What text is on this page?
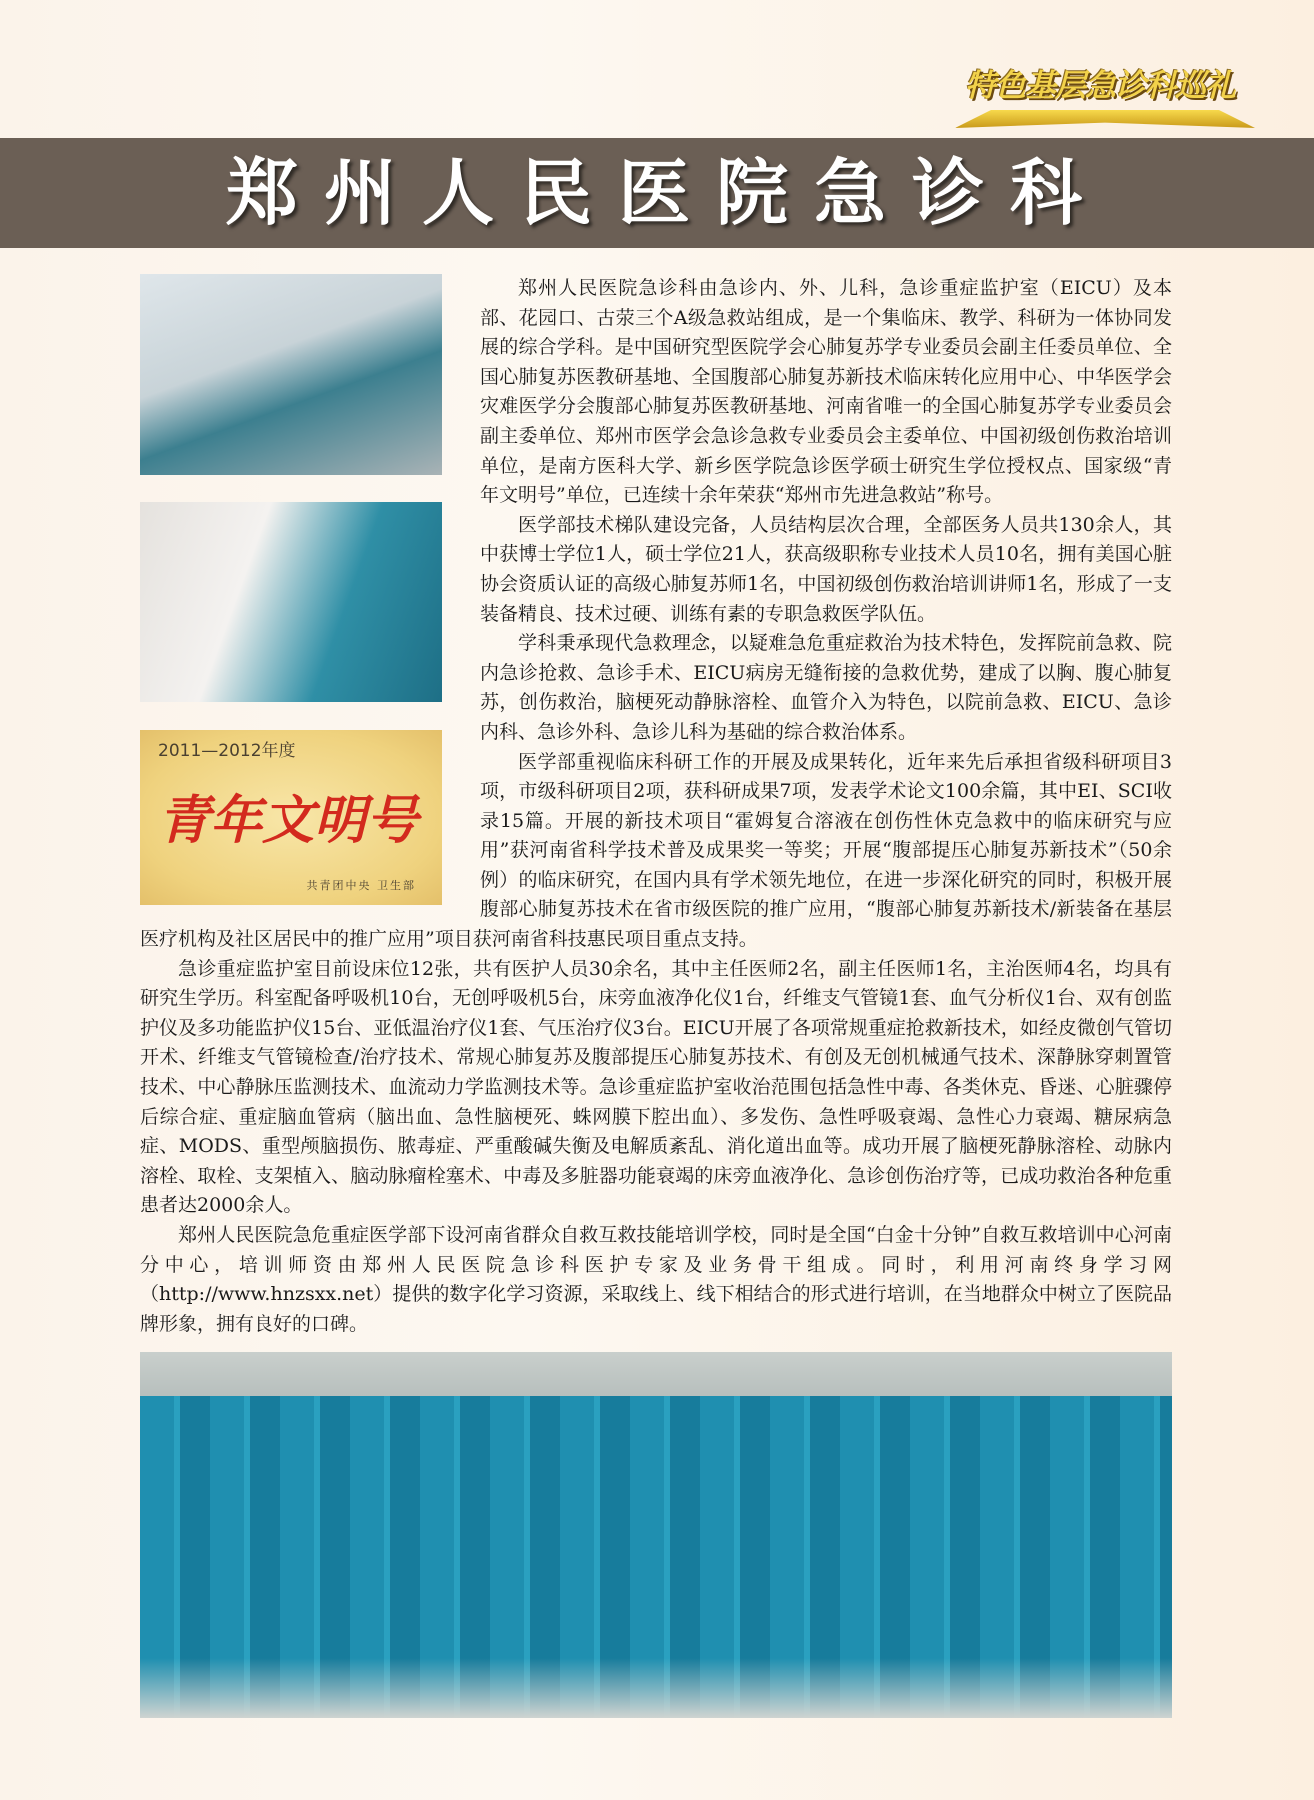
特色基层急诊科巡礼
郑州人民医院急诊科
2011—2012年度
青年文明号
共青团中央 卫生部

郑州人民医院急诊科由急诊内、外、儿科，急诊重症监护室（EICU）及本部、花园口、古荥三个A级急救站组成，是一个集临床、教学、科研为一体协同发展的综合学科。是中国研究型医院学会心肺复苏学专业委员会副主任委员单位、全国心肺复苏医教研基地、全国腹部心肺复苏新技术临床转化应用中心、中华医学会灾难医学分会腹部心肺复苏医教研基地、河南省唯一的全国心肺复苏学专业委员会副主委单位、郑州市医学会急诊急救专业委员会主委单位、中国初级创伤救治培训单位，是南方医科大学、新乡医学院急诊医学硕士研究生学位授权点、国家级“青年文明号”单位，已连续十余年荣获“郑州市先进急救站”称号。

医学部技术梯队建设完备，人员结构层次合理，全部医务人员共130余人，其中获博士学位1人，硕士学位21人，获高级职称专业技术人员10名，拥有美国心脏协会资质认证的高级心肺复苏师1名，中国初级创伤救治培训讲师1名，形成了一支装备精良、技术过硬、训练有素的专职急救医学队伍。

学科秉承现代急救理念，以疑难急危重症救治为技术特色，发挥院前急救、院内急诊抢救、急诊手术、EICU病房无缝衔接的急救优势，建成了以胸、腹心肺复苏，创伤救治，脑梗死动静脉溶栓、血管介入为特色，以院前急救、EICU、急诊内科、急诊外科、急诊儿科为基础的综合救治体系。

医学部重视临床科研工作的开展及成果转化，近年来先后承担省级科研项目3项，市级科研项目2项，获科研成果7项，发表学术论文100余篇，其中EI、SCI收录15篇。开展的新技术项目“霍姆复合溶液在创伤性休克急救中的临床研究与应用”获河南省科学技术普及成果奖一等奖；开展“腹部提压心肺复苏新技术”（50余例）的临床研究，在国内具有学术领先地位，在进一步深化研究的同时，积极开展腹部心肺复苏技术在省市级医院的推广应用，“腹部心肺复苏新技术/新装备在基层医疗机构及社区居民中的推广应用”项目获河南省科技惠民项目重点支持。

急诊重症监护室目前设床位12张，共有医护人员30余名，其中主任医师2名，副主任医师1名，主治医师4名，均具有研究生学历。科室配备呼吸机10台，无创呼吸机5台，床旁血液净化仪1台，纤维支气管镜1套、血气分析仪1台、双有创监护仪及多功能监护仪15台、亚低温治疗仪1套、气压治疗仪3台。EICU开展了各项常规重症抢救新技术，如经皮微创气管切开术、纤维支气管镜检查/治疗技术、常规心肺复苏及腹部提压心肺复苏技术、有创及无创机械通气技术、深静脉穿刺置管技术、中心静脉压监测技术、血流动力学监测技术等。急诊重症监护室收治范围包括急性中毒、各类休克、昏迷、心脏骤停后综合症、重症脑血管病（脑出血、急性脑梗死、蛛网膜下腔出血）、多发伤、急性呼吸衰竭、急性心力衰竭、糖尿病急症、MODS、重型颅脑损伤、脓毒症、严重酸碱失衡及电解质紊乱、消化道出血等。成功开展了脑梗死静脉溶栓、动脉内溶栓、取栓、支架植入、脑动脉瘤栓塞术、中毒及多脏器功能衰竭的床旁血液净化、急诊创伤治疗等，已成功救治各种危重患者达2000余人。

郑州人民医院急危重症医学部下设河南省群众自救互救技能培训学校，同时是全国“白金十分钟”自救互救培训中心河南分中心，培训师资由郑州人民医院急诊科医护专家及业务骨干组成。同时，利用河南终身学习网（http://www.hnzsxx.net）提供的数字化学习资源，采取线上、线下相结合的形式进行培训，在当地群众中树立了医院品牌形象，拥有良好的口碑。
